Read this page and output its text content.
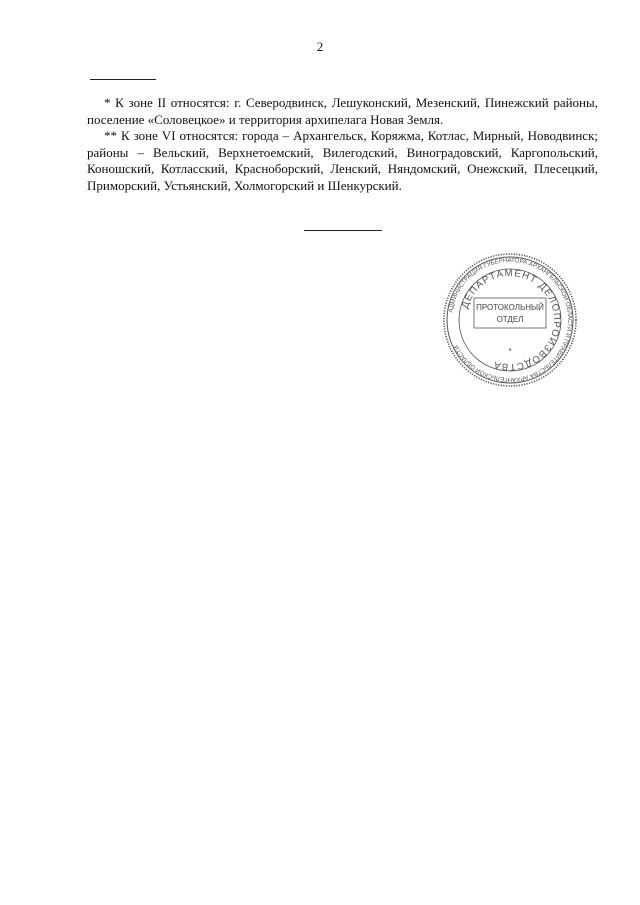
2

* К зоне II относятся: г. Северодвинск, Лешуконский, Мезенский, Пинежский районы, поселение «Соловецкое» и территория архипелага Новая Земля.

** К зоне VI относятся: города – Архангельск, Коряжма, Котлас, Мирный, Новодвинск; районы – Вельский, Верхнетоемский, Вилегодский, Виноградовский, Каргопольский, Коношский, Котласский, Красноборский, Ленский, Няндомский, Онежский, Плесецкий, Приморский, Устьянский, Холмогорский и Шенкурский.

АДМИНИСТРАЦИЯ ГУБЕРНАТОРА АРХАНГЕЛЬСКОЙ ОБЛАСТИ И ПРАВИТЕЛЬСТВА АРХАНГЕЛЬСКОЙ ОБЛАСТИ
ДЕПАРТАМЕНТ ДЕЛОПРОИЗВОДСТВА
ПРОТОКОЛЬНЫЙ
ОТДЕЛ
*
